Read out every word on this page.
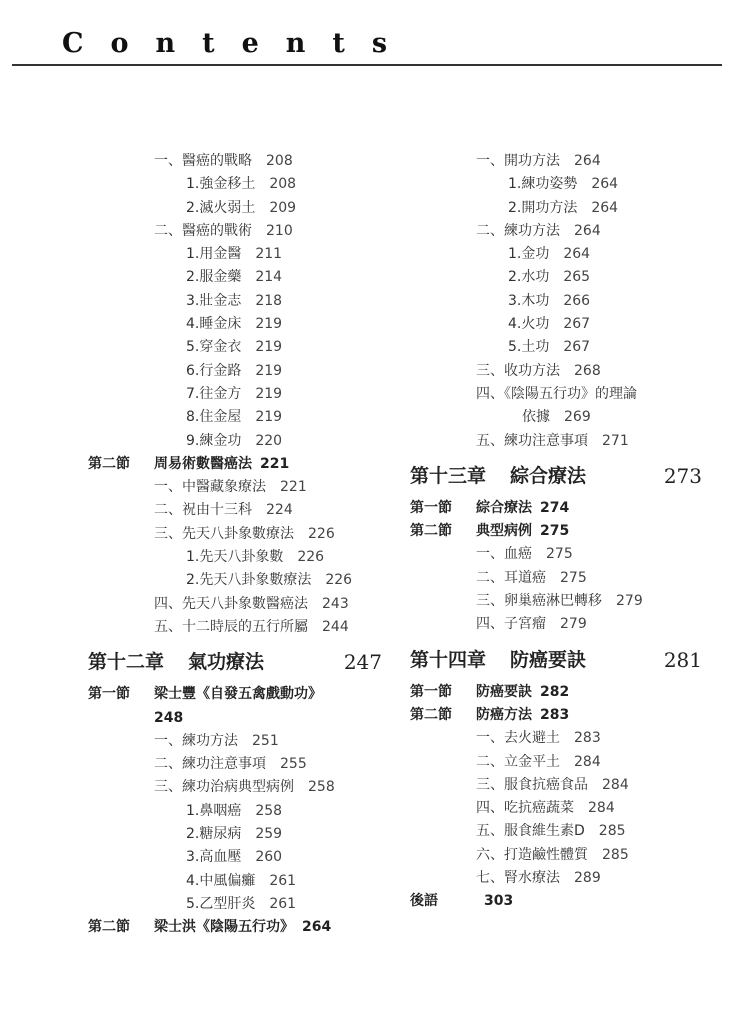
Contents
一、醫癌的戰略 208
1.強金移土 208
2.滅火弱土 209
二、醫癌的戰術 210
1.用金醫 211
2.服金藥 214
3.壯金志 218
4.睡金床 219
5.穿金衣 219
6.行金路 219
7.往金方 219
8.住金屋 219
9.練金功 220
第二節 周易術數醫癌法 221
一、中醫藏象療法 221
二、祝由十三科 224
三、先天八卦象數療法 226
1.先天八卦象數 226
2.先天八卦象數療法 226
四、先天八卦象數醫癌法 243
五、十二時辰的五行所屬 244
第十二章 氣功療法	247
第一節 梁士豐《自發五禽戲動功》
248
一、練功方法 251
二、練功注意事項 255
三、練功治病典型病例 258
1.鼻咽癌 258
2.糖尿病 259
3.高血壓 260
4.中風偏癱 261
5.乙型肝炎 261
第二節 梁士洪《陰陽五行功》 264
一、開功方法 264
1.練功姿勢 264
2.開功方法 264
二、練功方法 264
1.金功 264
2.水功 265
3.木功 266
4.火功 267
5.土功 267
三、收功方法 268
四、《陰陽五行功》的理論
依據 269
五、練功注意事項 271
第十三章 綜合療法	273
第一節 綜合療法 274
第二節 典型病例 275
一、血癌 275
二、耳道癌 275
三、卵巢癌淋巴轉移 279
四、子宮瘤 279
第十四章 防癌要訣	281
第一節 防癌要訣 282
第二節 防癌方法 283
一、去火避土 283
二、立金平土 284
三、服食抗癌食品 284
四、吃抗癌蔬菜 284
五、服食維生素D 285
六、打造鹼性體質 285
七、腎水療法 289
後語	303
